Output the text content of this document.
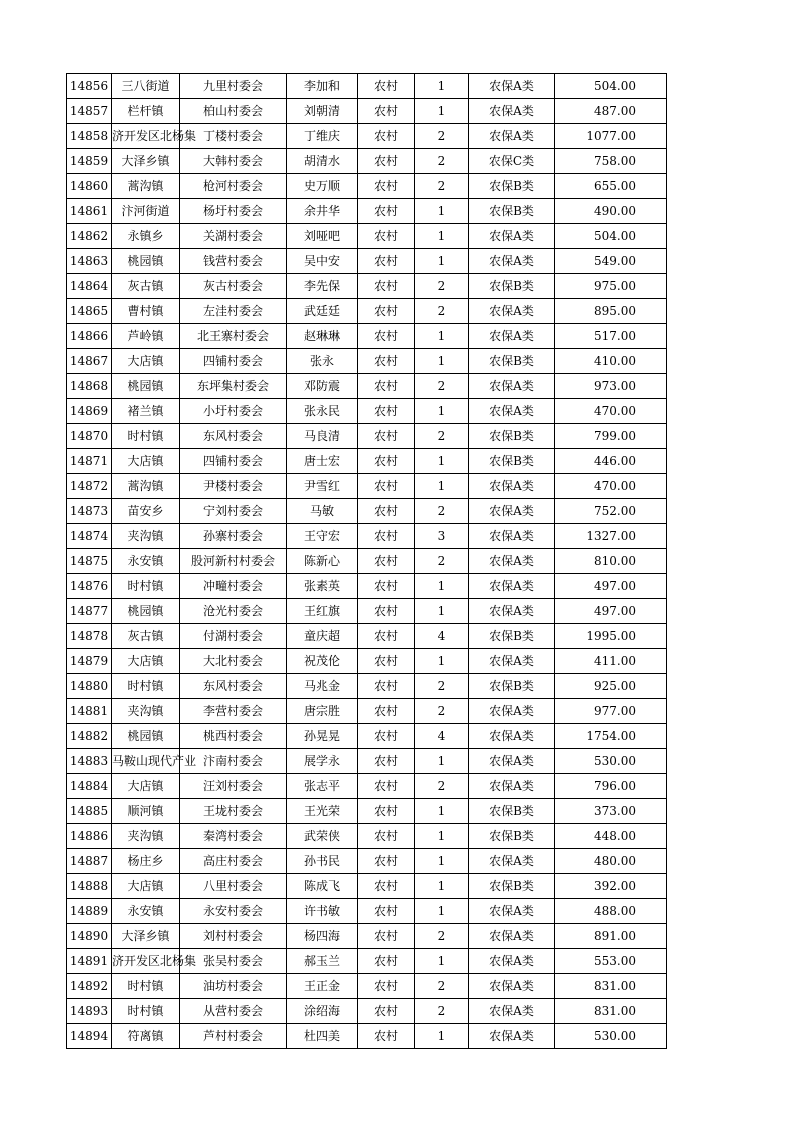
14856	三八街道	九里村委会	李加和	农村	1	农保A类	504.00
14857	栏杆镇	柏山村委会	刘朝清	农村	1	农保A类	487.00
14858	济开发区北杨集	丁楼村委会	丁维庆	农村	2	农保A类	1077.00
14859	大泽乡镇	大韩村委会	胡清水	农村	2	农保C类	758.00
14860	蒿沟镇	枪河村委会	史万顺	农村	2	农保B类	655.00
14861	汴河街道	杨圩村委会	余井华	农村	1	农保B类	490.00
14862	永镇乡	关湖村委会	刘哑吧	农村	1	农保A类	504.00
14863	桃园镇	钱营村委会	吴中安	农村	1	农保A类	549.00
14864	灰古镇	灰古村委会	李先保	农村	2	农保B类	975.00
14865	曹村镇	左洼村委会	武廷廷	农村	2	农保A类	895.00
14866	芦岭镇	北王寨村委会	赵琳琳	农村	1	农保A类	517.00
14867	大店镇	四铺村委会	张永	农村	1	农保B类	410.00
14868	桃园镇	东坪集村委会	邓防震	农村	2	农保A类	973.00
14869	褚兰镇	小圩村委会	张永民	农村	1	农保A类	470.00
14870	时村镇	东风村委会	马良清	农村	2	农保B类	799.00
14871	大店镇	四铺村委会	唐士宏	农村	1	农保B类	446.00
14872	蒿沟镇	尹楼村委会	尹雪红	农村	1	农保A类	470.00
14873	苗安乡	宁刘村委会	马敏	农村	2	农保A类	752.00
14874	夹沟镇	孙寨村委会	王守宏	农村	3	农保A类	1327.00
14875	永安镇	股河新村村委会	陈新心	农村	2	农保A类	810.00
14876	时村镇	冲疃村委会	张素英	农村	1	农保A类	497.00
14877	桃园镇	沧光村委会	王红旗	农村	1	农保A类	497.00
14878	灰古镇	付湖村委会	童庆超	农村	4	农保B类	1995.00
14879	大店镇	大北村委会	祝茂伦	农村	1	农保A类	411.00
14880	时村镇	东风村委会	马兆金	农村	2	农保B类	925.00
14881	夹沟镇	李营村委会	唐宗胜	农村	2	农保A类	977.00
14882	桃园镇	桃西村委会	孙晃晃	农村	4	农保A类	1754.00
14883	马鞍山现代产业	汴南村委会	展学永	农村	1	农保A类	530.00
14884	大店镇	汪刘村委会	张志平	农村	2	农保A类	796.00
14885	顺河镇	王垅村委会	王光荣	农村	1	农保B类	373.00
14886	夹沟镇	秦湾村委会	武荣侠	农村	1	农保B类	448.00
14887	杨庄乡	高庄村委会	孙书民	农村	1	农保A类	480.00
14888	大店镇	八里村委会	陈成飞	农村	1	农保B类	392.00
14889	永安镇	永安村委会	许书敏	农村	1	农保A类	488.00
14890	大泽乡镇	刘村村委会	杨四海	农村	2	农保A类	891.00
14891	济开发区北杨集	张吴村委会	郝玉兰	农村	1	农保A类	553.00
14892	时村镇	油坊村委会	王正金	农村	2	农保A类	831.00
14893	时村镇	从营村委会	涂绍海	农村	2	农保A类	831.00
14894	符离镇	芦村村委会	杜四美	农村	1	农保A类	530.00
